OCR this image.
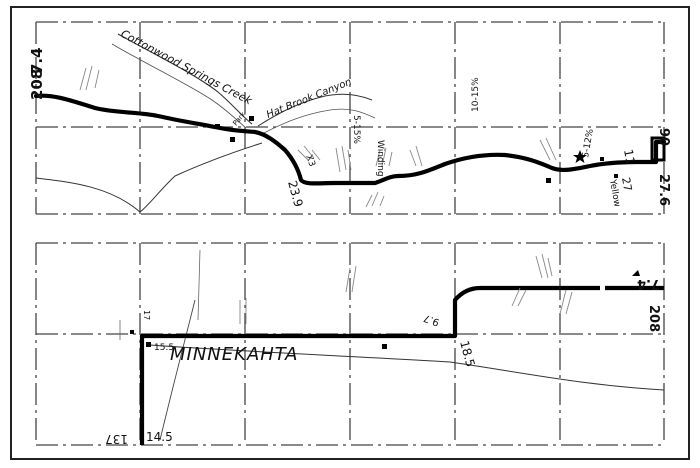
Cottonwood Springs Creek Hat Brook Canyon
Park
208
7.4
90
27.6
23.9
5-15%
10-15%
5-12%
Winding
Yellow
11
27
X3
MINNEKAHTA
15.5
14.5
137
18.5
9.7	208
7.4
17
